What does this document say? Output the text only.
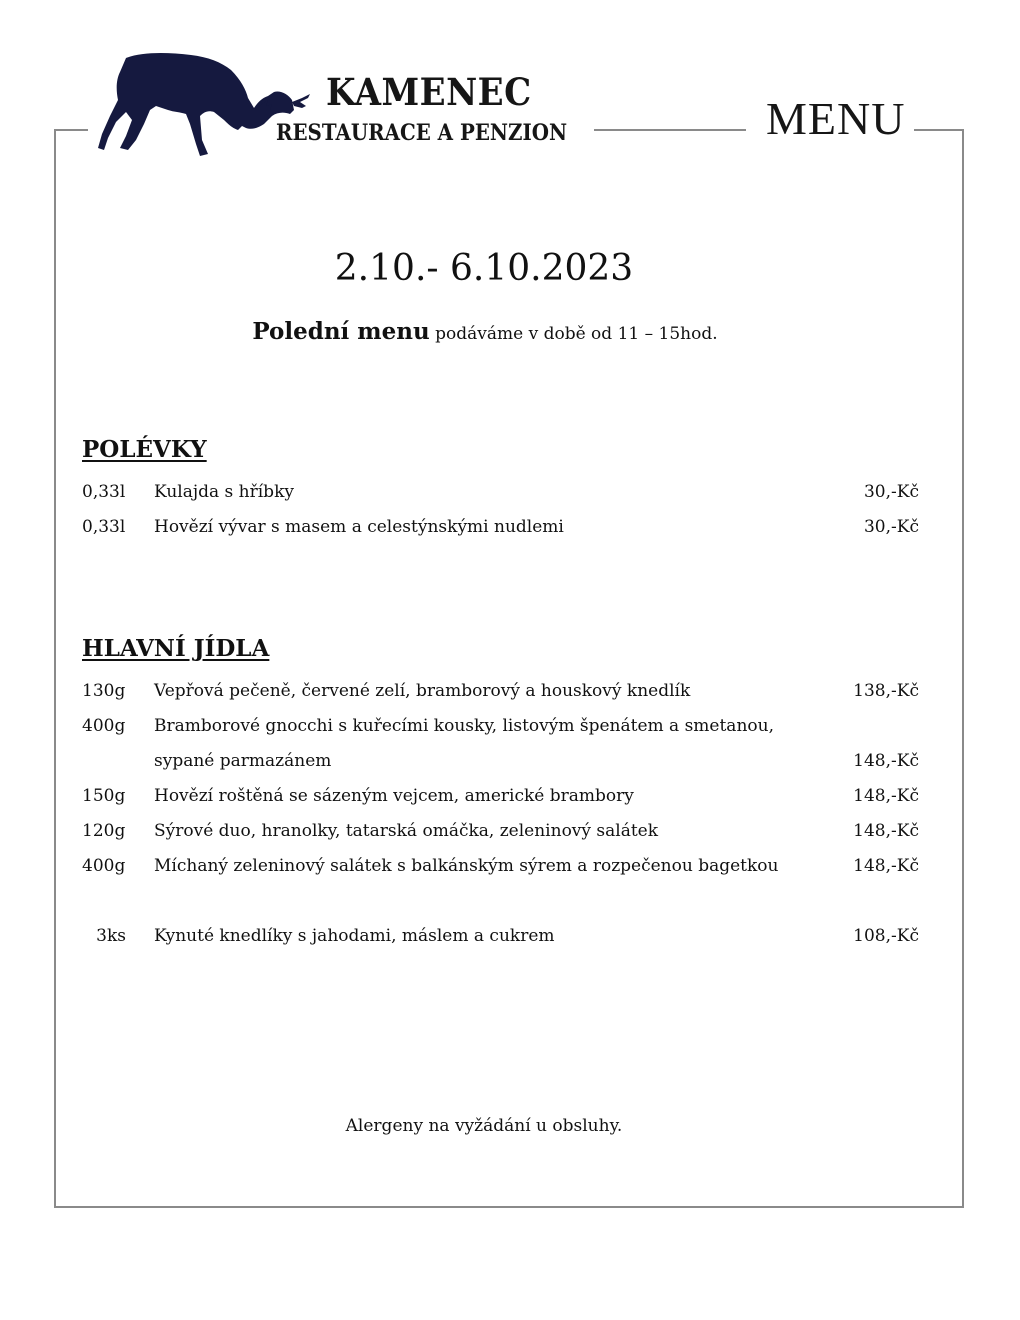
KAMENEC
RESTAURACE A PENZION	MENU
2.10.- 6.10.2023
Polední menu podáváme v době od 11 – 15hod.
POLÉVKY
0,33l Kulajda s hříbky	30,-Kč
0,33l Hovězí vývar s masem a celestýnskými nudlemi	30,-Kč
HLAVNÍ JÍDLA
130g Vepřová pečeně, červené zelí, bramborový a houskový knedlík	138,-Kč
400g Bramborové gnocchi s kuřecími kousky, listovým špenátem a smetanou,
sypané parmazánem	148,-Kč
150g Hovězí roštěná se sázeným vejcem, americké brambory	148,-Kč
120g Sýrové duo, hranolky, tatarská omáčka, zeleninový salátek	148,-Kč
400g Míchaný zeleninový salátek s balkánským sýrem a rozpečenou bagetkou	148,-Kč
3ks Kynuté knedlíky s jahodami, máslem a cukrem	108,-Kč
Alergeny na vyžádání u obsluhy.
